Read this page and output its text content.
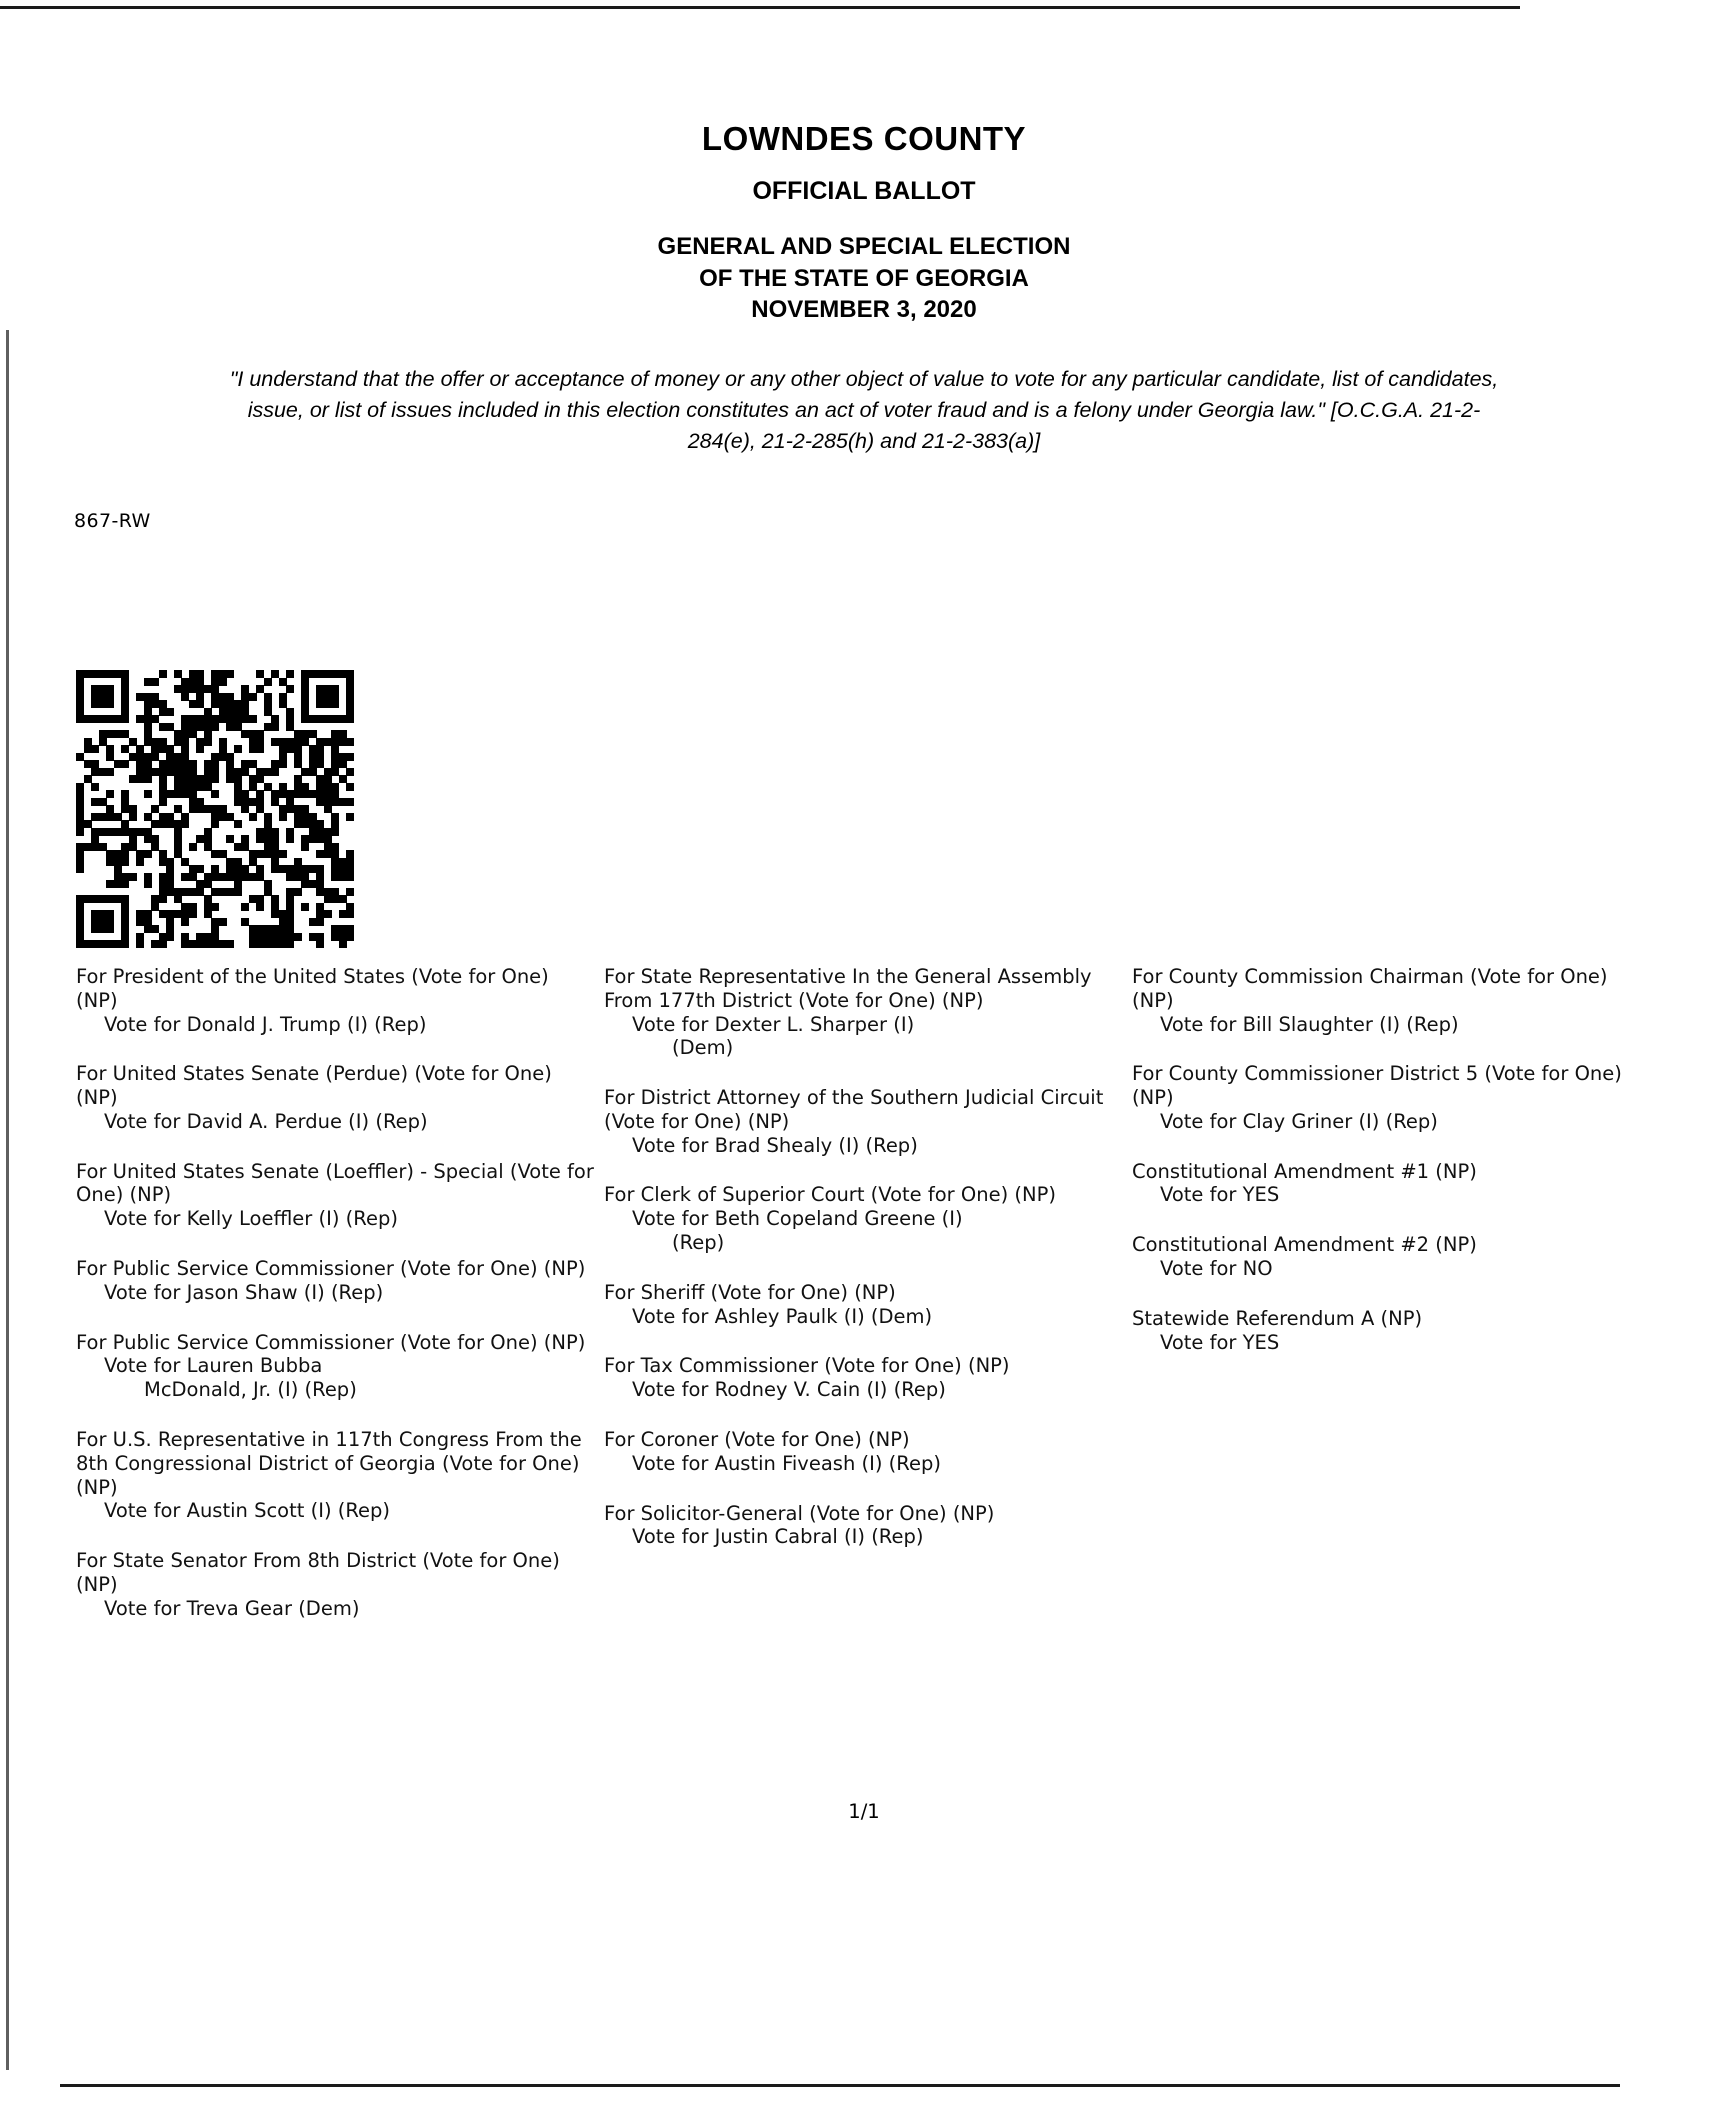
LOWNDES COUNTY
OFFICIAL BALLOT
GENERAL AND SPECIAL ELECTION
OF THE STATE OF GEORGIA
NOVEMBER 3, 2020
"I understand that the offer or acceptance of money or any other object of value to vote for any particular candidate, list of candidates, issue, or list of issues included in this election constitutes an act of voter fraud and is a felony under Georgia law." [O.C.G.A. 21-2-284(e), 21-2-285(h) and 21-2-383(a)]
867-RW
For President of the United States (Vote for One) (NP)
Vote for Donald J. Trump (I) (Rep)
For United States Senate (Perdue) (Vote for One) (NP)
Vote for David A. Perdue (I) (Rep)
For United States Senate (Loeffler) - Special (Vote for One) (NP)
Vote for Kelly Loeffler (I) (Rep)
For Public Service Commissioner (Vote for One) (NP)
Vote for Jason Shaw (I) (Rep)
For Public Service Commissioner (Vote for One) (NP)
Vote for Lauren Bubba
McDonald, Jr. (I) (Rep)
For U.S. Representative in 117th Congress From the 8th Congressional District of Georgia (Vote for One) (NP)
Vote for Austin Scott (I) (Rep)
For State Senator From 8th District (Vote for One) (NP)
Vote for Treva Gear (Dem)
For State Representative In the General Assembly From 177th District (Vote for One) (NP)
Vote for Dexter L. Sharper (I)
(Dem)
For District Attorney of the Southern Judicial Circuit (Vote for One) (NP)
Vote for Brad Shealy (I) (Rep)
For Clerk of Superior Court (Vote for One) (NP)
Vote for Beth Copeland Greene (I)
(Rep)
For Sheriff (Vote for One) (NP)
Vote for Ashley Paulk (I) (Dem)
For Tax Commissioner (Vote for One) (NP)
Vote for Rodney V. Cain (I) (Rep)
For Coroner (Vote for One) (NP)
Vote for Austin Fiveash (I) (Rep)
For Solicitor-General (Vote for One) (NP)
Vote for Justin Cabral (I) (Rep)
For County Commission Chairman (Vote for One) (NP)
Vote for Bill Slaughter (I) (Rep)
For County Commissioner District 5 (Vote for One) (NP)
Vote for Clay Griner (I) (Rep)
Constitutional Amendment #1 (NP)
Vote for YES
Constitutional Amendment #2 (NP)
Vote for NO
Statewide Referendum A (NP)
Vote for YES
1/1
